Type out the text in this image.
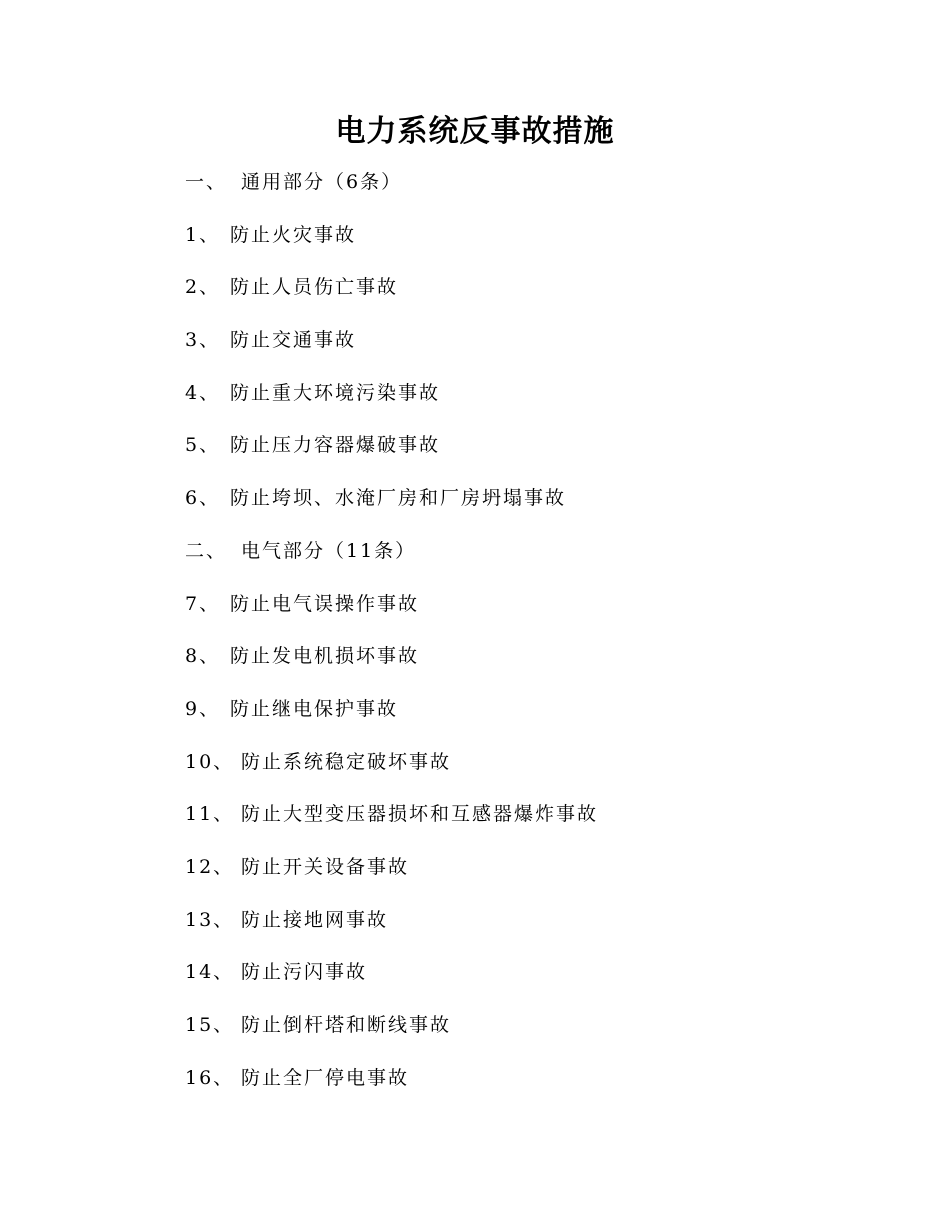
电力系统反事故措施
一、 通用部分（6条）
1、 防止火灾事故
2、 防止人员伤亡事故
3、 防止交通事故
4、 防止重大环境污染事故
5、 防止压力容器爆破事故
6、 防止垮坝、水淹厂房和厂房坍塌事故
二、 电气部分（11条）
7、 防止电气误操作事故
8、 防止发电机损坏事故
9、 防止继电保护事故
10、 防止系统稳定破坏事故
11、 防止大型变压器损坏和互感器爆炸事故
12、 防止开关设备事故
13、 防止接地网事故
14、 防止污闪事故
15、 防止倒杆塔和断线事故
16、 防止全厂停电事故
